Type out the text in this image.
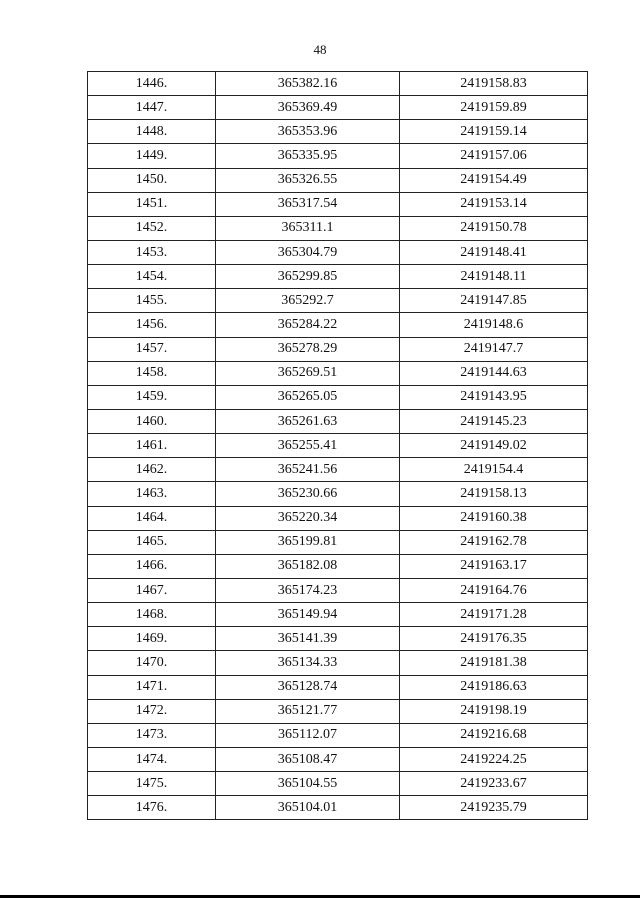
48
1446.	365382.16	2419158.83
1447.	365369.49	2419159.89
1448.	365353.96	2419159.14
1449.	365335.95	2419157.06
1450.	365326.55	2419154.49
1451.	365317.54	2419153.14
1452.	365311.1	2419150.78
1453.	365304.79	2419148.41
1454.	365299.85	2419148.11
1455.	365292.7	2419147.85
1456.	365284.22	2419148.6
1457.	365278.29	2419147.7
1458.	365269.51	2419144.63
1459.	365265.05	2419143.95
1460.	365261.63	2419145.23
1461.	365255.41	2419149.02
1462.	365241.56	2419154.4
1463.	365230.66	2419158.13
1464.	365220.34	2419160.38
1465.	365199.81	2419162.78
1466.	365182.08	2419163.17
1467.	365174.23	2419164.76
1468.	365149.94	2419171.28
1469.	365141.39	2419176.35
1470.	365134.33	2419181.38
1471.	365128.74	2419186.63
1472.	365121.77	2419198.19
1473.	365112.07	2419216.68
1474.	365108.47	2419224.25
1475.	365104.55	2419233.67
1476.	365104.01	2419235.79
